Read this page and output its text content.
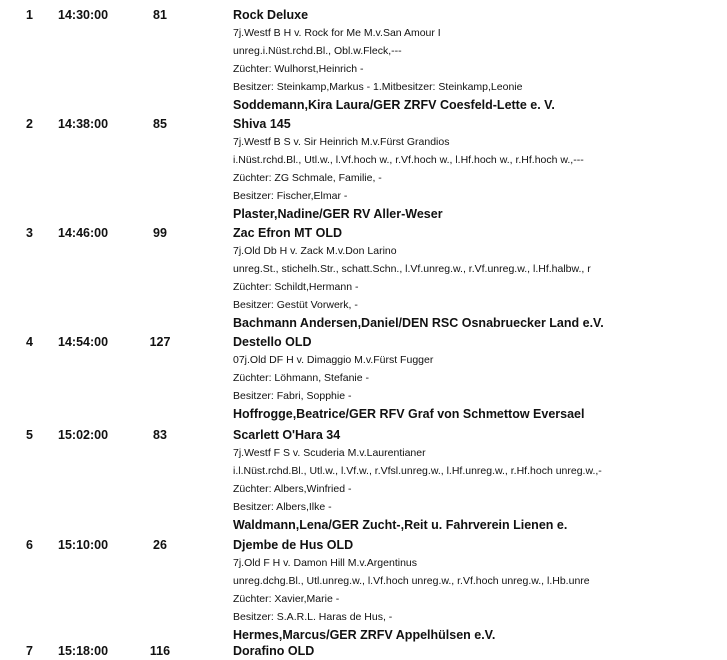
1 14:30:00	81	Rock Deluxe
7j.Westf B H v. Rock for Me M.v.San Amour I
unreg.i.Nüst.rchd.Bl., Obl.w.Fleck,---
Züchter: Wulhorst,Heinrich -
Besitzer: Steinkamp,Markus - 1.Mitbesitzer: Steinkamp,Leonie
Soddemann,Kira Laura/GER ZRFV Coesfeld-Lette e. V.
2 14:38:00	85	Shiva 145
7j.Westf B S v. Sir Heinrich M.v.Fürst Grandios
i.Nüst.rchd.Bl., Utl.w., l.Vf.hoch w., r.Vf.hoch w., l.Hf.hoch w., r.Hf.hoch w.,---
Züchter: ZG Schmale, Familie, -
Besitzer: Fischer,Elmar -
Plaster,Nadine/GER RV Aller-Weser
3 14:46:00	99	Zac Efron MT OLD
7j.Old Db H v. Zack M.v.Don Larino
unreg.St., stichelh.Str., schatt.Schn., l.Vf.unreg.w., r.Vf.unreg.w., l.Hf.halbw., r
Züchter: Schildt,Hermann -
Besitzer: Gestüt Vorwerk, -
Bachmann Andersen,Daniel/DEN RSC Osnabruecker Land e.V.
4 14:54:00	127	Destello OLD
07j.Old DF H v. Dimaggio M.v.Fürst Fugger
Züchter: Löhmann, Stefanie -
Besitzer: Fabri, Sopphie -
Hoffrogge,Beatrice/GER RFV Graf von Schmettow Eversael
5 15:02:00	83	Scarlett O'Hara 34
7j.Westf F S v. Scuderia M.v.Laurentianer
i.l.Nüst.rchd.Bl., Utl.w., l.Vf.w., r.Vfsl.unreg.w., l.Hf.unreg.w., r.Hf.hoch unreg.w.,-
Züchter: Albers,Winfried -
Besitzer: Albers,Ilke -
Waldmann,Lena/GER Zucht-,Reit u. Fahrverein Lienen e.
6 15:10:00	26	Djembe de Hus OLD
7j.Old F H v. Damon Hill M.v.Argentinus
unreg.dchg.Bl., Utl.unreg.w., l.Vf.hoch unreg.w., r.Vf.hoch unreg.w., l.Hb.unre
Züchter: Xavier,Marie -
Besitzer: S.A.R.L. Haras de Hus, -
Hermes,Marcus/GER ZRFV Appelhülsen e.V.
7 15:18:00	116	Dorafino OLD
